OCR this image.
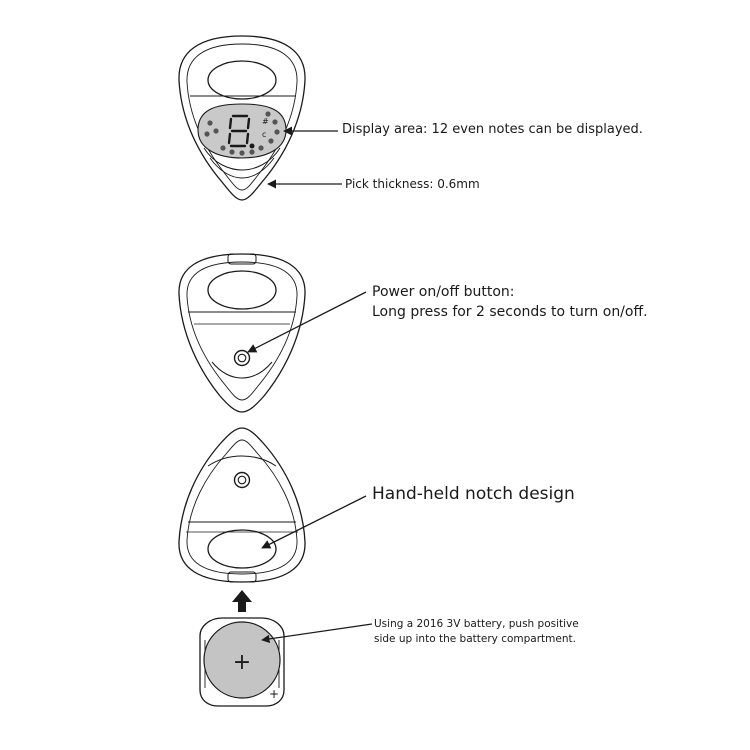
#
c
+
+
Display area: 12 even notes can be displayed.
Pick thickness: 0.6mm
Power on/off button:
Long press for 2 seconds to turn on/off.
Hand-held notch design
Using a 2016 3V battery, push positive
side up into the battery compartment.
